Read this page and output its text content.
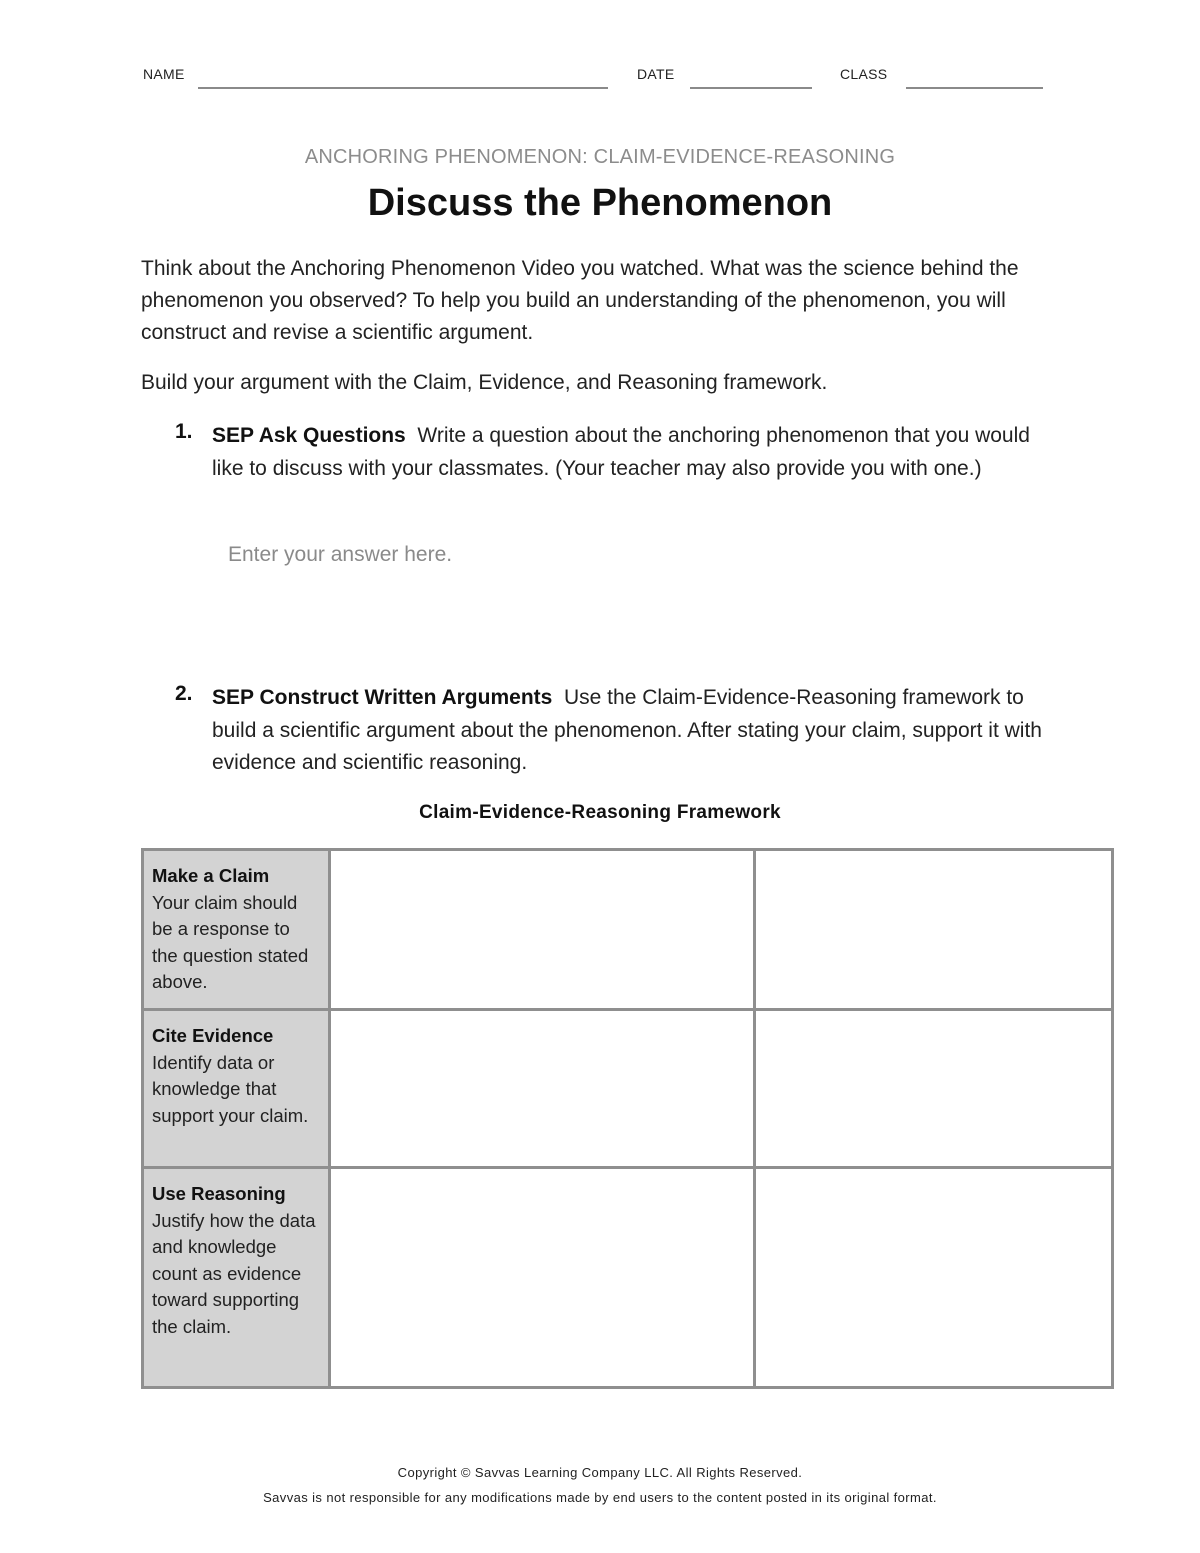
NAME	DATE	CLASS
ANCHORING PHENOMENON: CLAIM-EVIDENCE-REASONING
Discuss the Phenomenon

Think about the Anchoring Phenomenon Video you watched. What was the science behind the phenomenon you observed? To help you build an understanding of the phenomenon, you will construct and revise a scientific argument.

Build your argument with the Claim, Evidence, and Reasoning framework.

1. SEP Ask Questions Write a question about the anchoring phenomenon that you would like to discuss with your classmates. (Your teacher may also provide you with one.)

Enter your answer here.
2. SEP Construct Written Arguments Use the Claim-Evidence-Reasoning framework to build a scientific argument about the phenomenon. After stating your claim, support it with evidence and scientific reasoning.

Claim-Evidence-Reasoning Framework
Make a Claim
Your claim should be a response to the question stated above.	

Cite Evidence
Identify data or knowledge that support your claim.	

Use Reasoning
Justify how the data and knowledge count as evidence toward supporting the claim.	

Copyright © Savvas Learning Company LLC. All Rights Reserved.
Savvas is not responsible for any modifications made by end users to the content posted in its original format.
